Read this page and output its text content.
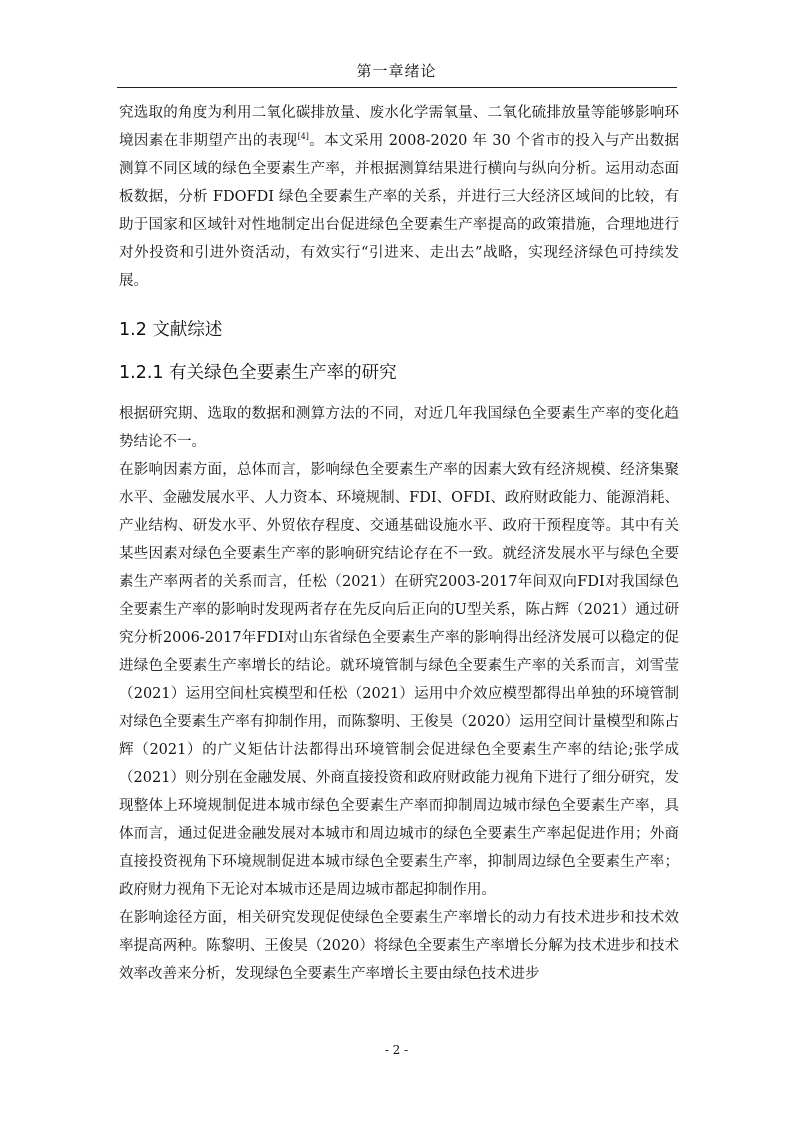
第一章绪论

究选取的角度为利用二氧化碳排放量、废水化学需氧量、二氧化硫排放量等能够影响环境因素在非期望产出的表现[4]。本文采用 2008-2020 年 30 个省市的投入与产出数据测算不同区域的绿色全要素生产率，并根据测算结果进行横向与纵向分析。运用动态面板数据，分析 FDOFDI 绿色全要素生产率的关系，并进行三大经济区域间的比较，有助于国家和区域针对性地制定出台促进绿色全要素生产率提高的政策措施，合理地进行对外投资和引进外资活动，有效实行“引进来、走出去”战略，实现经济绿色可持续发展。

1.2 文献综述
1.2.1 有关绿色全要素生产率的研究

根据研究期、选取的数据和测算方法的不同，对近几年我国绿色全要素生产率的变化趋势结论不一。

在影响因素方面，总体而言，影响绿色全要素生产率的因素大致有经济规模、经济集聚水平、金融发展水平、人力资本、环境规制、FDI、OFDI、政府财政能力、能源消耗、产业结构、研发水平、外贸依存程度、交通基础设施水平、政府干预程度等。其中有关某些因素对绿色全要素生产率的影响研究结论存在不一致。就经济发展水平与绿色全要素生产率两者的关系而言，任松（2021）在研究2003-2017年间双向FDI对我国绿色全要素生产率的影响时发现两者存在先反向后正向的U型关系，陈占辉（2021）通过研究分析2006-2017年FDI对山东省绿色全要素生产率的影响得出经济发展可以稳定的促进绿色全要素生产率增长的结论。就环境管制与绿色全要素生产率的关系而言，刘雪莹（2021）运用空间杜宾模型和任松（2021）运用中介效应模型都得出单独的环境管制对绿色全要素生产率有抑制作用，而陈黎明、王俊昊（2020）运用空间计量模型和陈占辉（2021）的广义矩估计法都得出环境管制会促进绿色全要素生产率的结论;张学成（2021）则分别在金融发展、外商直接投资和政府财政能力视角下进行了细分研究，发现整体上环境规制促进本城市绿色全要素生产率而抑制周边城市绿色全要素生产率，具体而言，通过促进金融发展对本城市和周边城市的绿色全要素生产率起促进作用；外商直接投资视角下环境规制促进本城市绿色全要素生产率，抑制周边绿色全要素生产率；政府财力视角下无论对本城市还是周边城市都起抑制作用。

在影响途径方面，相关研究发现促使绿色全要素生产率增长的动力有技术进步和技术效率提高两种。陈黎明、王俊昊（2020）将绿色全要素生产率增长分解为技术进步和技术效率改善来分析，发现绿色全要素生产率增长主要由绿色技术进步

- 2 -
